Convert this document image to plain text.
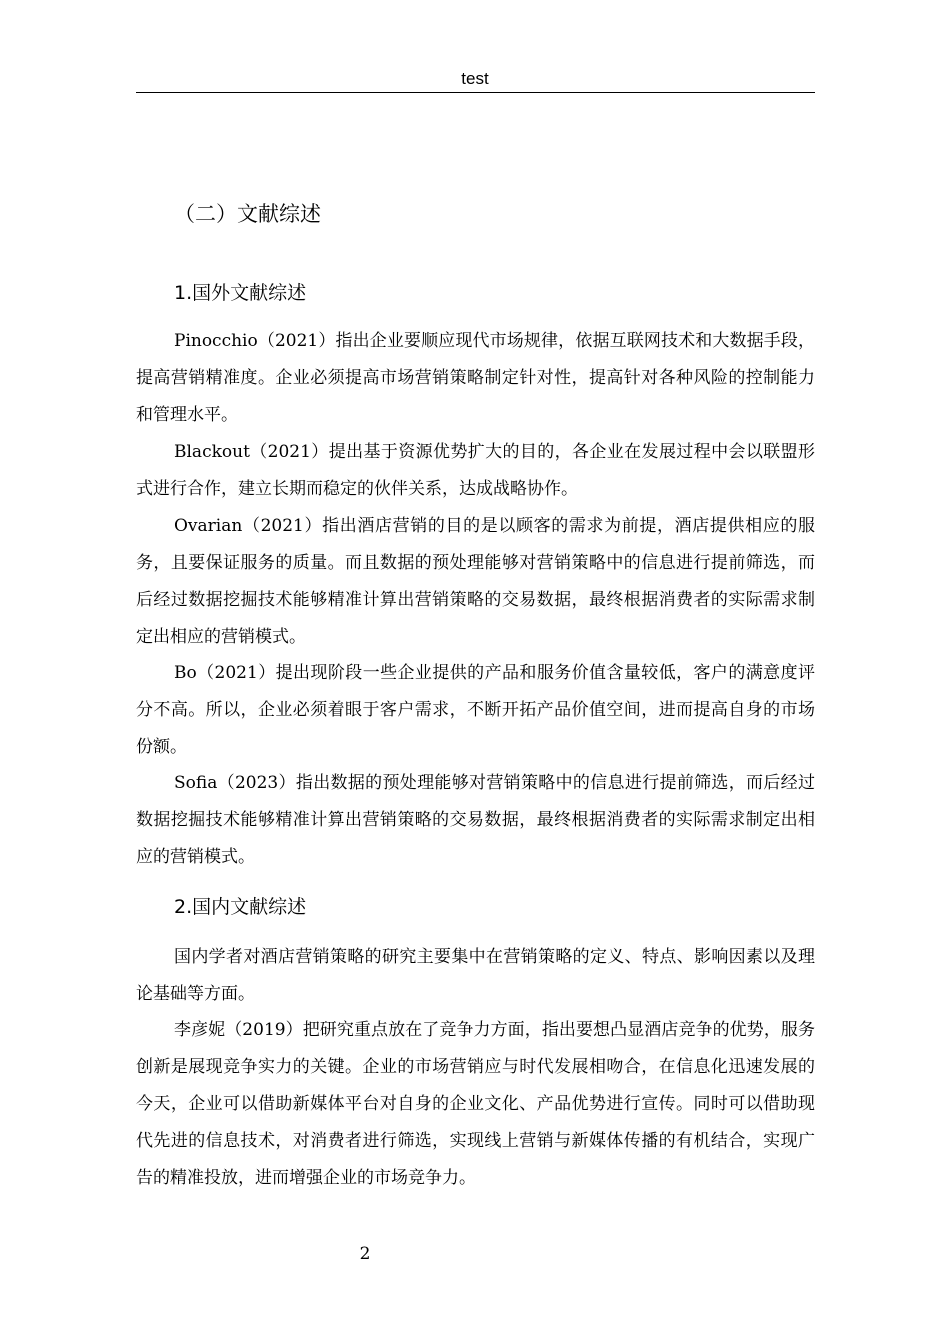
test
（二）文献综述
1.国外文献综述
Pinocchio（2021）指出企业要顺应现代市场规律，依据互联网技术和大数据手段，提高营销精准度。企业必须提高市场营销策略制定针对性，提高针对各种风险的控制能力和管理水平。
Blackout（2021）提出基于资源优势扩大的目的，各企业在发展过程中会以联盟形式进行合作，建立长期而稳定的伙伴关系，达成战略协作。
Ovarian（2021）指出酒店营销的目的是以顾客的需求为前提，酒店提供相应的服务，且要保证服务的质量。而且数据的预处理能够对营销策略中的信息进行提前筛选，而后经过数据挖掘技术能够精准计算出营销策略的交易数据，最终根据消费者的实际需求制定出相应的营销模式。
Bo（2021）提出现阶段一些企业提供的产品和服务价值含量较低，客户的满意度评分不高。所以，企业必须着眼于客户需求，不断开拓产品价值空间，进而提高自身的市场份额。
Sofia（2023）指出数据的预处理能够对营销策略中的信息进行提前筛选，而后经过数据挖掘技术能够精准计算出营销策略的交易数据，最终根据消费者的实际需求制定出相应的营销模式。
2.国内文献综述
国内学者对酒店营销策略的研究主要集中在营销策略的定义、特点、影响因素以及理论基础等方面。
李彦妮（2019）把研究重点放在了竞争力方面，指出要想凸显酒店竞争的优势，服务创新是展现竞争实力的关键。企业的市场营销应与时代发展相吻合，在信息化迅速发展的今天，企业可以借助新媒体平台对自身的企业文化、产品优势进行宣传。同时可以借助现代先进的信息技术，对消费者进行筛选，实现线上营销与新媒体传播的有机结合，实现广告的精准投放，进而增强企业的市场竞争力。
2
